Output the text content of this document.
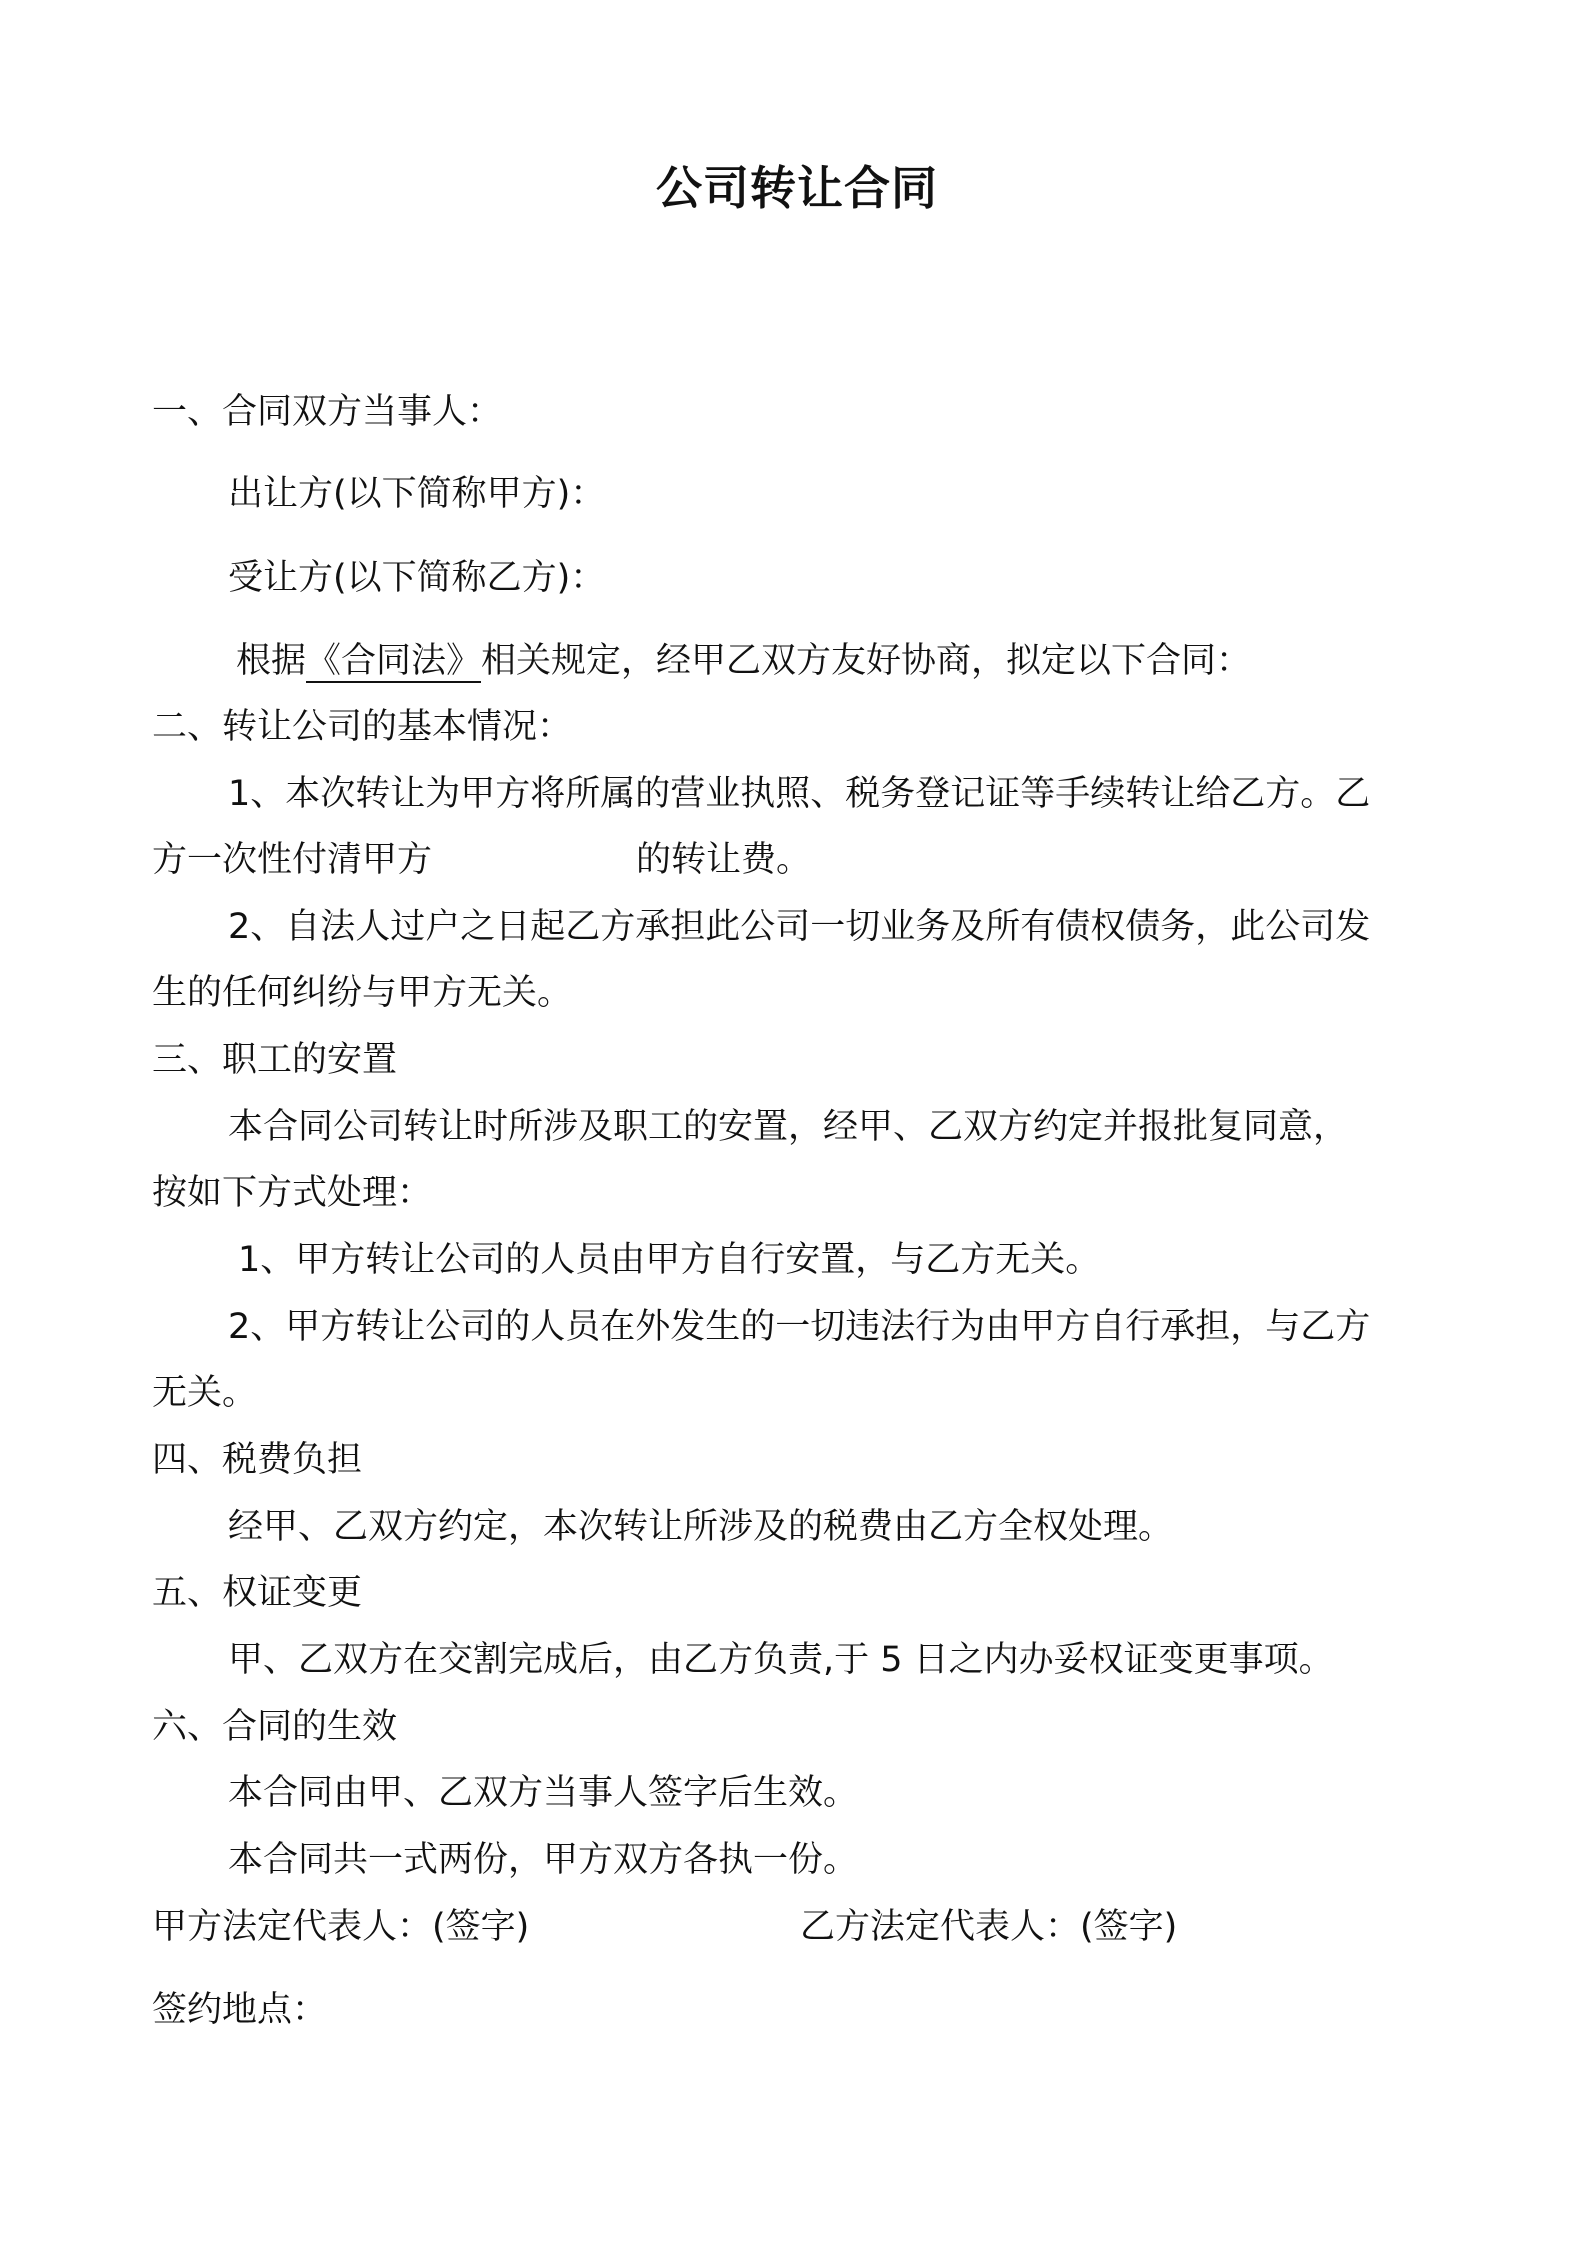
公司转让合同
一、合同双方当事人：
出让方(以下简称甲方)：
受让方(以下简称乙方)：
根据《合同法》相关规定，经甲乙双方友好协商，拟定以下合同：
二、转让公司的基本情况：
1、本次转让为甲方将所属的营业执照、税务登记证等手续转让给乙方。乙
方一次性付清甲方	的转让费。
2、自法人过户之日起乙方承担此公司一切业务及所有债权债务，此公司发
生的任何纠纷与甲方无关。
三、职工的安置
本合同公司转让时所涉及职工的安置，经甲、乙双方约定并报批复同意，
按如下方式处理：
1、甲方转让公司的人员由甲方自行安置，与乙方无关。
2、甲方转让公司的人员在外发生的一切违法行为由甲方自行承担，与乙方
无关。
四、税费负担
经甲、乙双方约定，本次转让所涉及的税费由乙方全权处理。
五、权证变更
甲、乙双方在交割完成后，由乙方负责,于 5 日之内办妥权证变更事项。
六、合同的生效
本合同由甲、乙双方当事人签字后生效。
本合同共一式两份，甲方双方各执一份。
甲方法定代表人：(签字)	乙方法定代表人：(签字)
签约地点：
